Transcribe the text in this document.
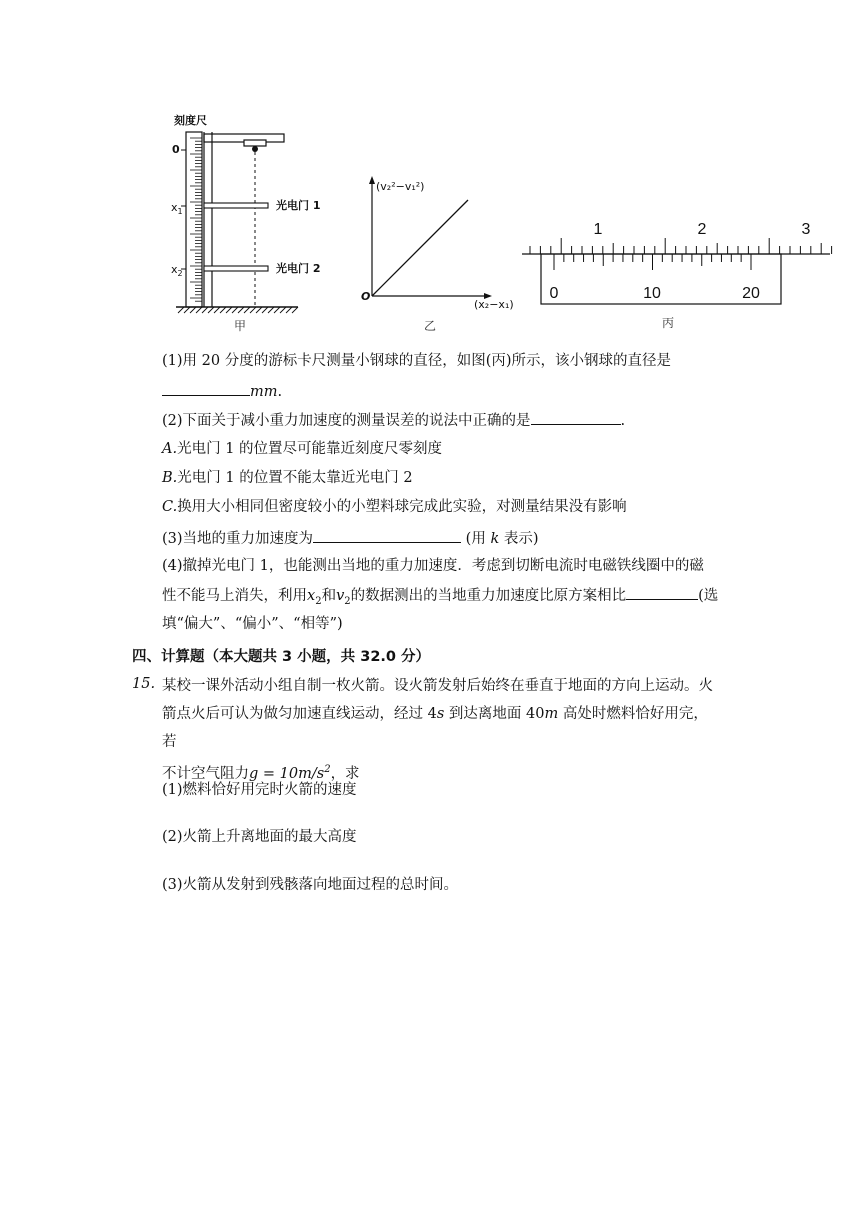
刻度尺
光电门 1
光电门 2
0
$x_1$
$x_2$
甲
(v₂²−v₁²)
(x₂−x₁)
O
乙
1	2	3
0	10	20
丙
(1)用 20 分度的游标卡尺测量小钢球的直径，如图(丙)所示，该小钢球的直径是
mm.
(2)下面关于减小重力加速度的测量误差的说法中正确的是	.
A.光电门 1 的位置尽可能靠近刻度尺零刻度
B.光电门 1 的位置不能太靠近光电门 2
C.换用大小相同但密度较小的小塑料球完成此实验，对测量结果没有影响
(3)当地的重力加速度为	(用 k 表示)
(4)撤掉光电门 1，也能测出当地的重力加速度．考虑到切断电流时电磁铁线圈中的磁
性不能马上消失，利用$x_2$和$v_2$的数据测出的当地重力加速度比原方案相比	(选
填“偏大”、“偏小”、“相等”)
四、计算题（本大题共 3 小题，共 32.0 分）
15. 某校一课外活动小组自制一枚火箭。设火箭发射后始终在垂直于地面的方向上运动。火
箭点火后可认为做匀加速直线运动，经过 4s 到达离地面 40m 高处时燃料恰好用完，若
不计空气阻力$g = 10m/s^2$，求
(1)燃料恰好用完时火箭的速度
(2)火箭上升离地面的最大高度
(3)火箭从发射到残骸落向地面过程的总时间。
